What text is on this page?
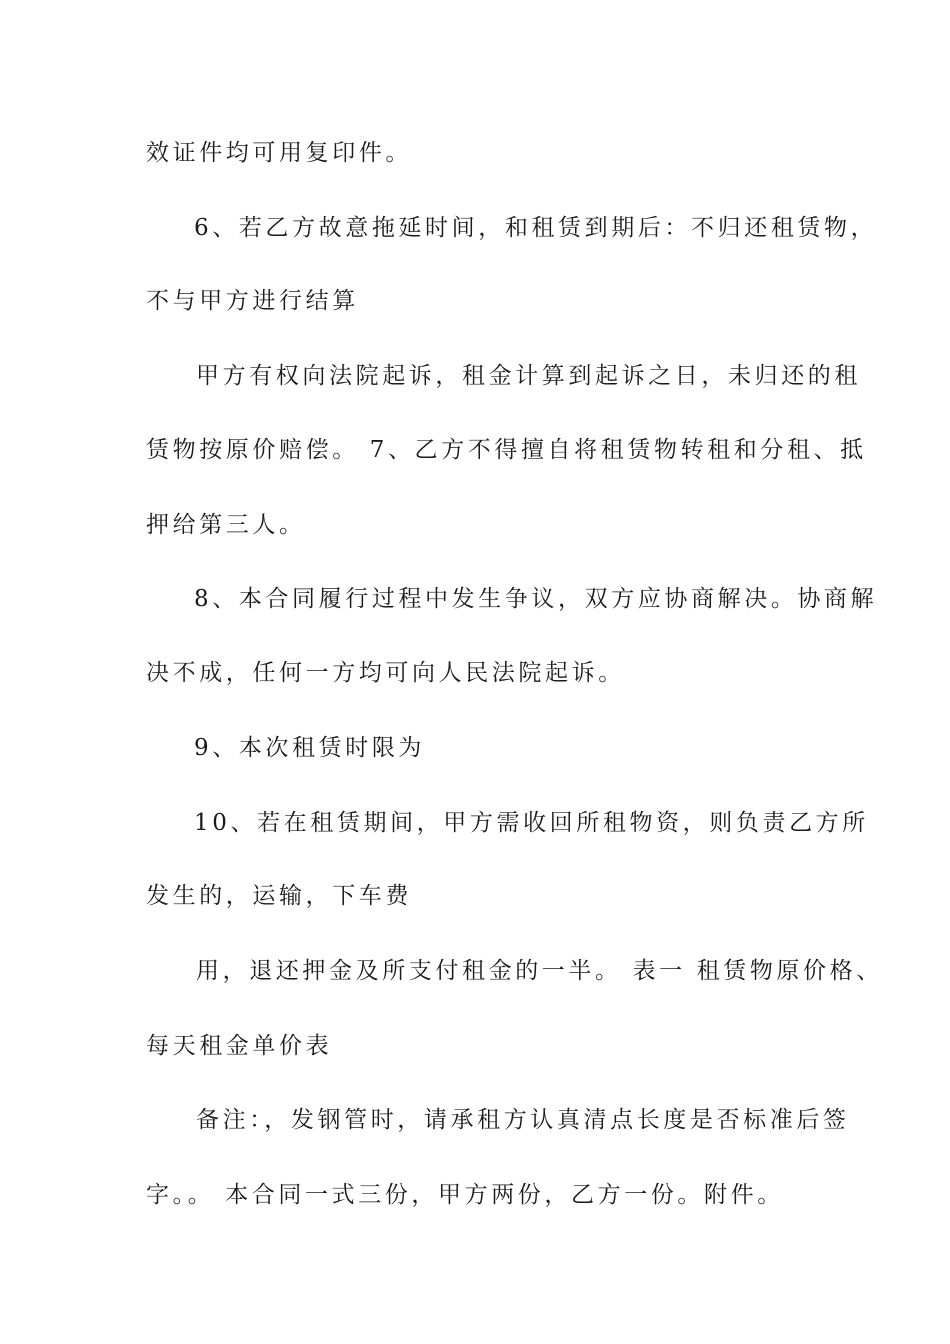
效证件均可用复印件。
6、若乙方故意拖延时间，和租赁到期后：不归还租赁物，
不与甲方进行结算
甲方有权向法院起诉，租金计算到起诉之日，未归还的租
赁物按原价赔偿。 7、乙方不得擅自将租赁物转租和分租、抵
押给第三人。
8、本合同履行过程中发生争议，双方应协商解决。协商解
决不成，任何一方均可向人民法院起诉。
9、本次租赁时限为
10、若在租赁期间，甲方需收回所租物资，则负责乙方所
发生的，运输，下车费
用，退还押金及所支付租金的一半。 表一 租赁物原价格、
每天租金单价表
备注：，发钢管时，请承租方认真清点长度是否标准后签
字。。 本合同一式三份，甲方两份，乙方一份。附件。
